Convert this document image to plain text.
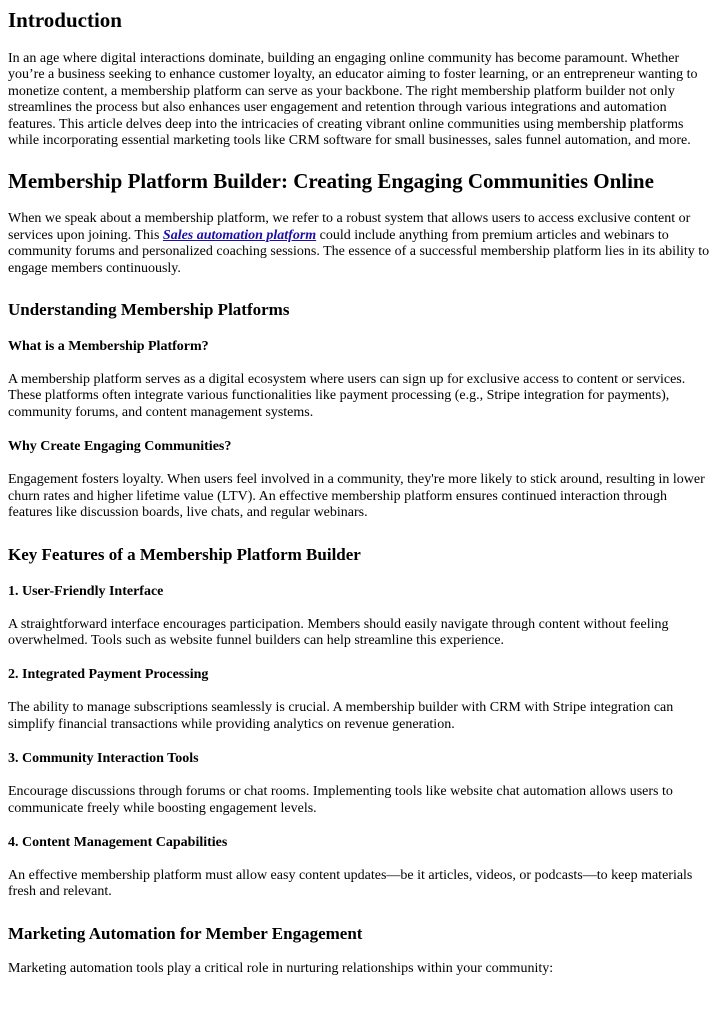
Introduction

In an age where digital interactions dominate, building an engaging online community has become paramount. Whether you’re a business seeking to enhance customer loyalty, an educator aiming to foster learning, or an entrepreneur wanting to monetize content, a membership platform can serve as your backbone. The right membership platform builder not only streamlines the process but also enhances user engagement and retention through various integrations and automation features. This article delves deep into the intricacies of creating vibrant online communities using membership platforms while incorporating essential marketing tools like CRM software for small businesses, sales funnel automation, and more.

Membership Platform Builder: Creating Engaging Communities Online

When we speak about a membership platform, we refer to a robust system that allows users to access exclusive content or services upon joining. This Sales automation platform could include anything from premium articles and webinars to community forums and personalized coaching sessions. The essence of a successful membership platform lies in its ability to engage members continuously.

Understanding Membership Platforms
What is a Membership Platform?

A membership platform serves as a digital ecosystem where users can sign up for exclusive access to content or services. These platforms often integrate various functionalities like payment processing (e.g., Stripe integration for payments), community forums, and content management systems.

Why Create Engaging Communities?

Engagement fosters loyalty. When users feel involved in a community, they're more likely to stick around, resulting in lower churn rates and higher lifetime value (LTV). An effective membership platform ensures continued interaction through features like discussion boards, live chats, and regular webinars.

Key Features of a Membership Platform Builder
1. User-Friendly Interface

A straightforward interface encourages participation. Members should easily navigate through content without feeling overwhelmed. Tools such as website funnel builders can help streamline this experience.

2. Integrated Payment Processing

The ability to manage subscriptions seamlessly is crucial. A membership builder with CRM with Stripe integration can simplify financial transactions while providing analytics on revenue generation.

3. Community Interaction Tools

Encourage discussions through forums or chat rooms. Implementing tools like website chat automation allows users to communicate freely while boosting engagement levels.

4. Content Management Capabilities

An effective membership platform must allow easy content updates—be it articles, videos, or podcasts—to keep materials fresh and relevant.

Marketing Automation for Member Engagement

Marketing automation tools play a critical role in nurturing relationships within your community:
